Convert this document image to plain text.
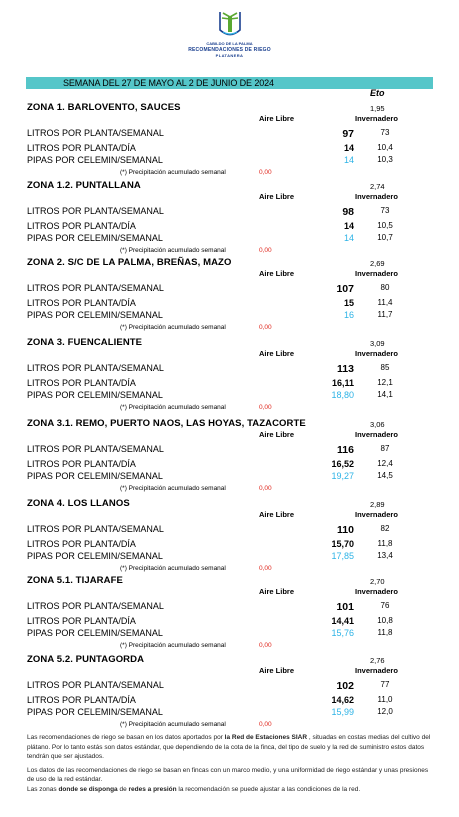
CABILDO DE LA PALMA
RECOMENDACIONES DE RIEGO
PLATANERA
SEMANA DEL 27 DE MAYO AL 2 DE JUNIO DE 2024
Eto
ZONA 1. BARLOVENTO, SAUCES	1,95
Aire Libre	Invernadero
LITROS POR PLANTA/SEMANAL	97	73
LITROS POR PLANTA/DÍA	14	10,4
PIPAS POR CELEMIN/SEMANAL	14	10,3
(*) Precipitación acumulado semanal	0,00
ZONA 1.2. PUNTALLANA	2,74
Aire Libre	Invernadero
LITROS POR PLANTA/SEMANAL	98	73
LITROS POR PLANTA/DÍA	14	10,5
PIPAS POR CELEMIN/SEMANAL	14	10,7
(*) Precipitación acumulado semanal	0,00
ZONA 2. S/C DE LA PALMA, BREÑAS, MAZO	2,69
Aire Libre	Invernadero
LITROS POR PLANTA/SEMANAL	107	80
LITROS POR PLANTA/DÍA	15	11,4
PIPAS POR CELEMIN/SEMANAL	16	11,7
(*) Precipitación acumulado semanal	0,00
ZONA 3. FUENCALIENTE	3,09
Aire Libre	Invernadero
LITROS POR PLANTA/SEMANAL	113	85
LITROS POR PLANTA/DÍA	16,11	12,1
PIPAS POR CELEMIN/SEMANAL	18,80	14,1
(*) Precipitación acumulado semanal	0,00
ZONA 3.1. REMO, PUERTO NAOS, LAS HOYAS, TAZACORTE	3,06
Aire Libre	Invernadero
LITROS POR PLANTA/SEMANAL	116	87
LITROS POR PLANTA/DÍA	16,52	12,4
PIPAS POR CELEMIN/SEMANAL	19,27	14,5
(*) Precipitación acumulado semanal	0,00
ZONA 4. LOS LLANOS	2,89
Aire Libre	Invernadero
LITROS POR PLANTA/SEMANAL	110	82
LITROS POR PLANTA/DÍA	15,70	11,8
PIPAS POR CELEMIN/SEMANAL	17,85	13,4
(*) Precipitación acumulado semanal	0,00
ZONA 5.1. TIJARAFE	2,70
Aire Libre	Invernadero
LITROS POR PLANTA/SEMANAL	101	76
LITROS POR PLANTA/DÍA	14,41	10,8
PIPAS POR CELEMIN/SEMANAL	15,76	11,8
(*) Precipitación acumulado semanal	0,00
ZONA 5.2. PUNTAGORDA	2,76
Aire Libre	Invernadero
LITROS POR PLANTA/SEMANAL	102	77
LITROS POR PLANTA/DÍA	14,62	11,0
PIPAS POR CELEMIN/SEMANAL	15,99	12,0
(*) Precipitación acumulado semanal	0,00
Las recomendaciones de riego se basan en los datos aportados por la Red de Estaciones SIAR , situadas en costas medias del cultivo del plátano. Por lo tanto estás son datos estándar, que dependiendo de la cota de la finca, del tipo de suelo y la red de suministro estos datos tendrán que ser ajustados.
Los datos de las recomendaciones de riego se basan en fincas con un marco medio, y una uniformidad de riego estándar y unas presiones de uso de la red estándar.
Las zonas donde se disponga de redes a presión la recomendación se puede ajustar a las condiciones de la red.
